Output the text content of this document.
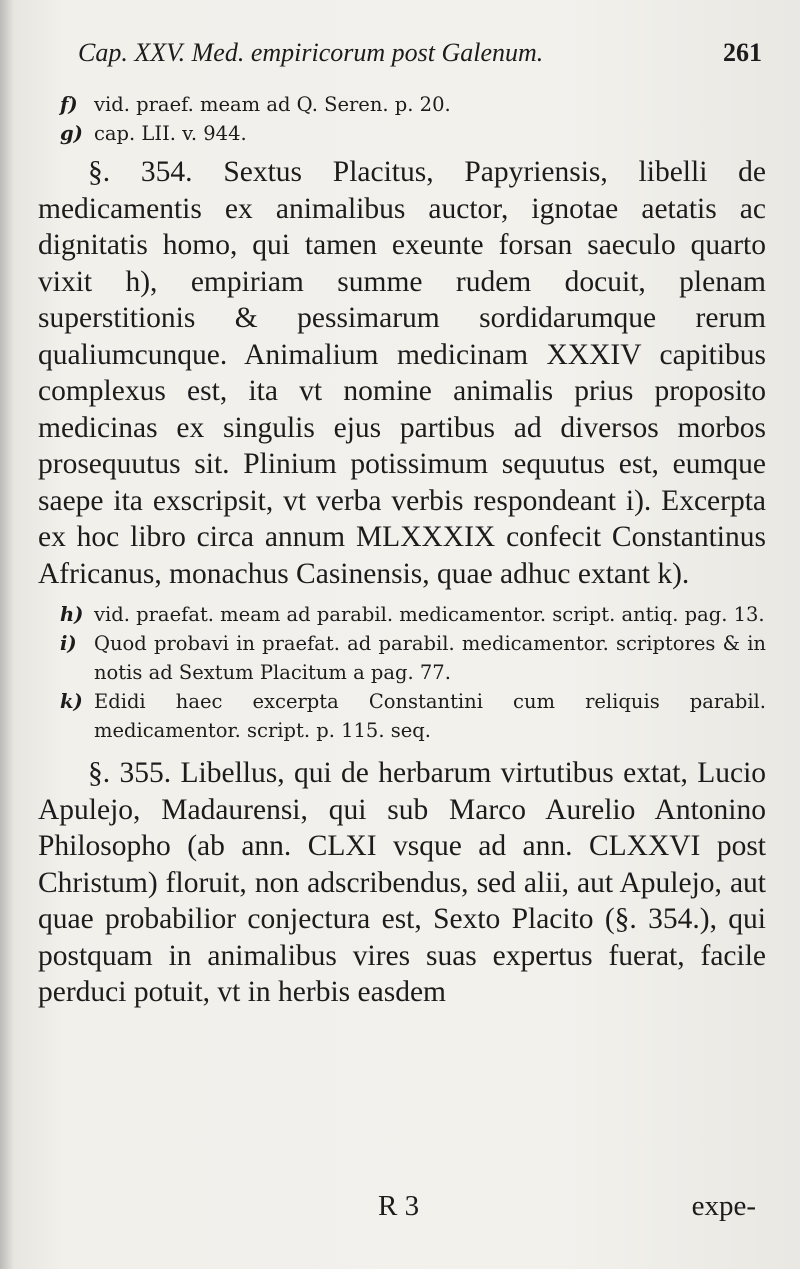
Cap. XXV. Med. empiricorum post Galenum.	261
f) vid. praef. meam ad Q. Seren. p. 20.
g) cap. LII. v. 944.

§. 354. Sextus Placitus, Papyriensis, libelli de medicamentis ex animalibus auctor, ignotae aetatis ac dignitatis homo, qui tamen exeunte forsan saeculo quarto vixit h), empiriam summe rudem docuit, plenam superstitionis & pessimarum sordidarumque rerum qualiumcunque. Animalium medicinam XXXIV capitibus complexus est, ita vt nomine animalis prius proposito medicinas ex singulis ejus partibus ad diversos morbos prosequutus sit. Plinium potissimum sequutus est, eumque saepe ita exscripsit, vt verba verbis respondeant i). Excerpta ex hoc libro circa annum MLXXXIX confecit Constantinus Africanus, monachus Casinensis, quae adhuc extant k).

h) vid. praefat. meam ad parabil. medicamentor. script. antiq. pag. 13.
i) Quod probavi in praefat. ad parabil. medicamentor. scriptores & in notis ad Sextum Placitum a pag. 77.
k) Edidi haec excerpta Constantini cum reliquis parabil. medicamentor. script. p. 115. seq.

§. 355. Libellus, qui de herbarum virtutibus extat, Lucio Apulejo, Madaurensi, qui sub Marco Aurelio Antonino Philosopho (ab ann. CLXI vsque ad ann. CLXXVI post Christum) floruit, non adscribendus, sed alii, aut Apulejo, aut quae probabilior conjectura est, Sexto Placito (§. 354.), qui postquam in animalibus vires suas expertus fuerat, facile perduci potuit, vt in herbis easdem

R 3	expe-
